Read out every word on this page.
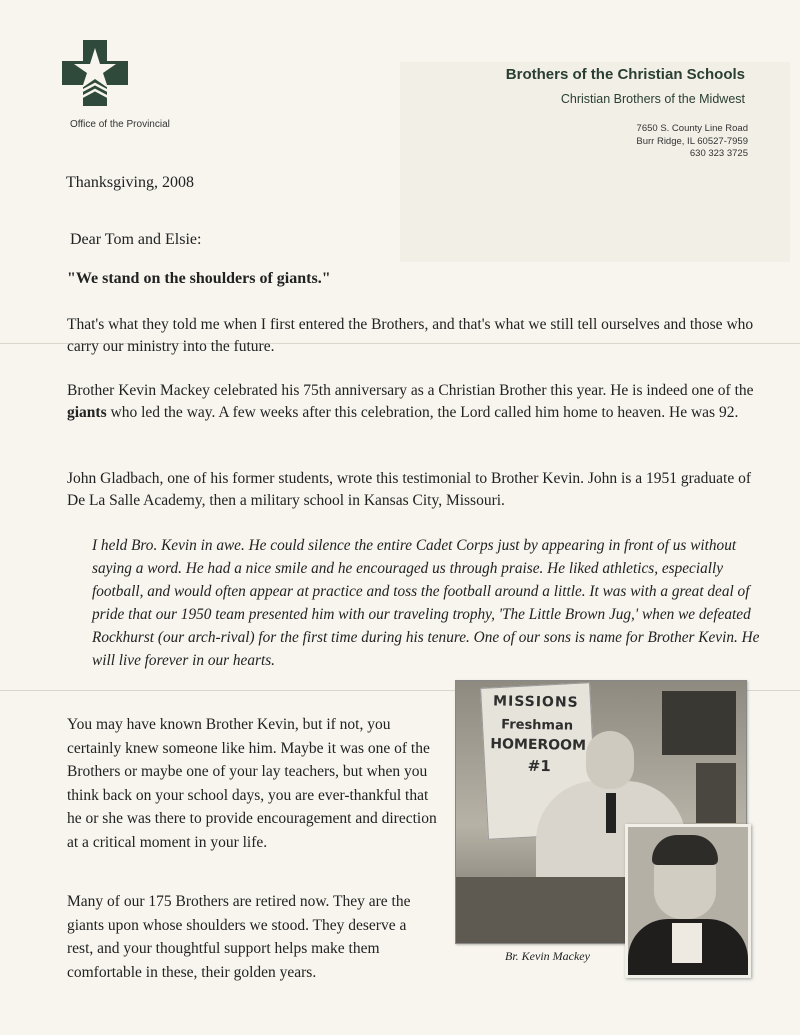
Office of the Provincial
Brothers of the Christian Schools
Christian Brothers of the Midwest
7650 S. County Line Road
Burr Ridge, IL 60527-7959
630 323 3725
Thanksgiving, 2008
Dear Tom and Elsie:
"We stand on the shoulders of giants."
That's what they told me when I first entered the Brothers, and that's what we still tell ourselves and those who carry our ministry into the future.
Brother Kevin Mackey celebrated his 75th anniversary as a Christian Brother this year. He is indeed one of the giants who led the way. A few weeks after this celebration, the Lord called him home to heaven. He was 92.
John Gladbach, one of his former students, wrote this testimonial to Brother Kevin. John is a 1951 graduate of De La Salle Academy, then a military school in Kansas City, Missouri.
I held Bro. Kevin in awe. He could silence the entire Cadet Corps just by appearing in front of us without saying a word. He had a nice smile and he encouraged us through praise. He liked athletics, especially football, and would often appear at practice and toss the football around a little. It was with a great deal of pride that our 1950 team presented him with our traveling trophy, 'The Little Brown Jug,' when we defeated Rockhurst (our arch-rival) for the first time during his tenure. One of our sons is name for Brother Kevin. He will live forever in our hearts.
You may have known Brother Kevin, but if not, you certainly knew someone like him. Maybe it was one of the Brothers or maybe one of your lay teachers, but when you think back on your school days, you are ever-thankful that he or she was there to provide encouragement and direction at a critical moment in your life.
Many of our 175 Brothers are retired now. They are the giants upon whose shoulders we stood. They deserve a rest, and your thoughtful support helps make them comfortable in these, their golden years.
MISSIONS
Freshman
HOMEROOM
#1
Br. Kevin Mackey
